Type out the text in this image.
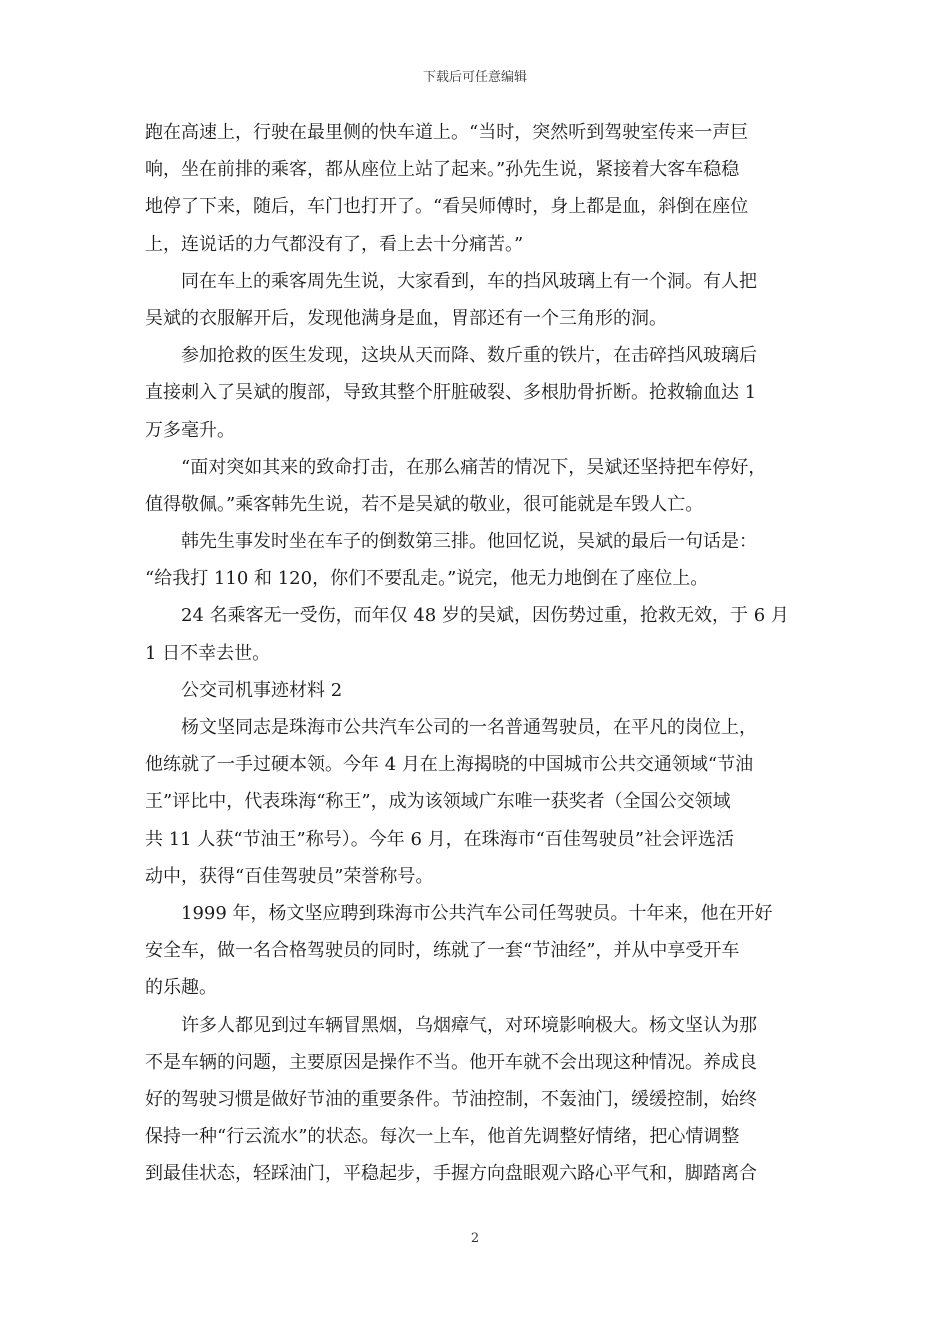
下载后可任意编辑
跑在高速上，行驶在最里侧的快车道上。“当时，突然听到驾驶室传来一声巨
响，坐在前排的乘客，都从座位上站了起来。”孙先生说，紧接着大客车稳稳
地停了下来，随后，车门也打开了。“看吴师傅时，身上都是血，斜倒在座位
上，连说话的力气都没有了，看上去十分痛苦。”
同在车上的乘客周先生说，大家看到，车的挡风玻璃上有一个洞。有人把
吴斌的衣服解开后，发现他满身是血，胃部还有一个三角形的洞。
参加抢救的医生发现，这块从天而降、数斤重的铁片，在击碎挡风玻璃后
直接刺入了吴斌的腹部，导致其整个肝脏破裂、多根肋骨折断。抢救输血达 1
万多毫升。
“面对突如其来的致命打击，在那么痛苦的情况下，吴斌还坚持把车停好，
值得敬佩。”乘客韩先生说，若不是吴斌的敬业，很可能就是车毁人亡。
韩先生事发时坐在车子的倒数第三排。他回忆说，吴斌的最后一句话是：
“给我打 110 和 120，你们不要乱走。”说完，他无力地倒在了座位上。
24 名乘客无一受伤，而年仅 48 岁的吴斌，因伤势过重，抢救无效，于 6 月
1 日不幸去世。
公交司机事迹材料 2
杨文坚同志是珠海市公共汽车公司的一名普通驾驶员，在平凡的岗位上，
他练就了一手过硬本领。今年 4 月在上海揭晓的中国城市公共交通领域“节油
王”评比中，代表珠海“称王”，成为该领域广东唯一获奖者（全国公交领域
共 11 人获“节油王”称号）。今年 6 月，在珠海市“百佳驾驶员”社会评选活
动中，获得“百佳驾驶员”荣誉称号。
1999 年，杨文坚应聘到珠海市公共汽车公司任驾驶员。十年来，他在开好
安全车，做一名合格驾驶员的同时，练就了一套“节油经”，并从中享受开车
的乐趣。
许多人都见到过车辆冒黑烟，乌烟瘴气，对环境影响极大。杨文坚认为那
不是车辆的问题，主要原因是操作不当。他开车就不会出现这种情况。养成良
好的驾驶习惯是做好节油的重要条件。节油控制，不轰油门，缓缓控制，始终
保持一种“行云流水”的状态。每次一上车，他首先调整好情绪，把心情调整
到最佳状态，轻踩油门，平稳起步，手握方向盘眼观六路心平气和，脚踏离合
2
